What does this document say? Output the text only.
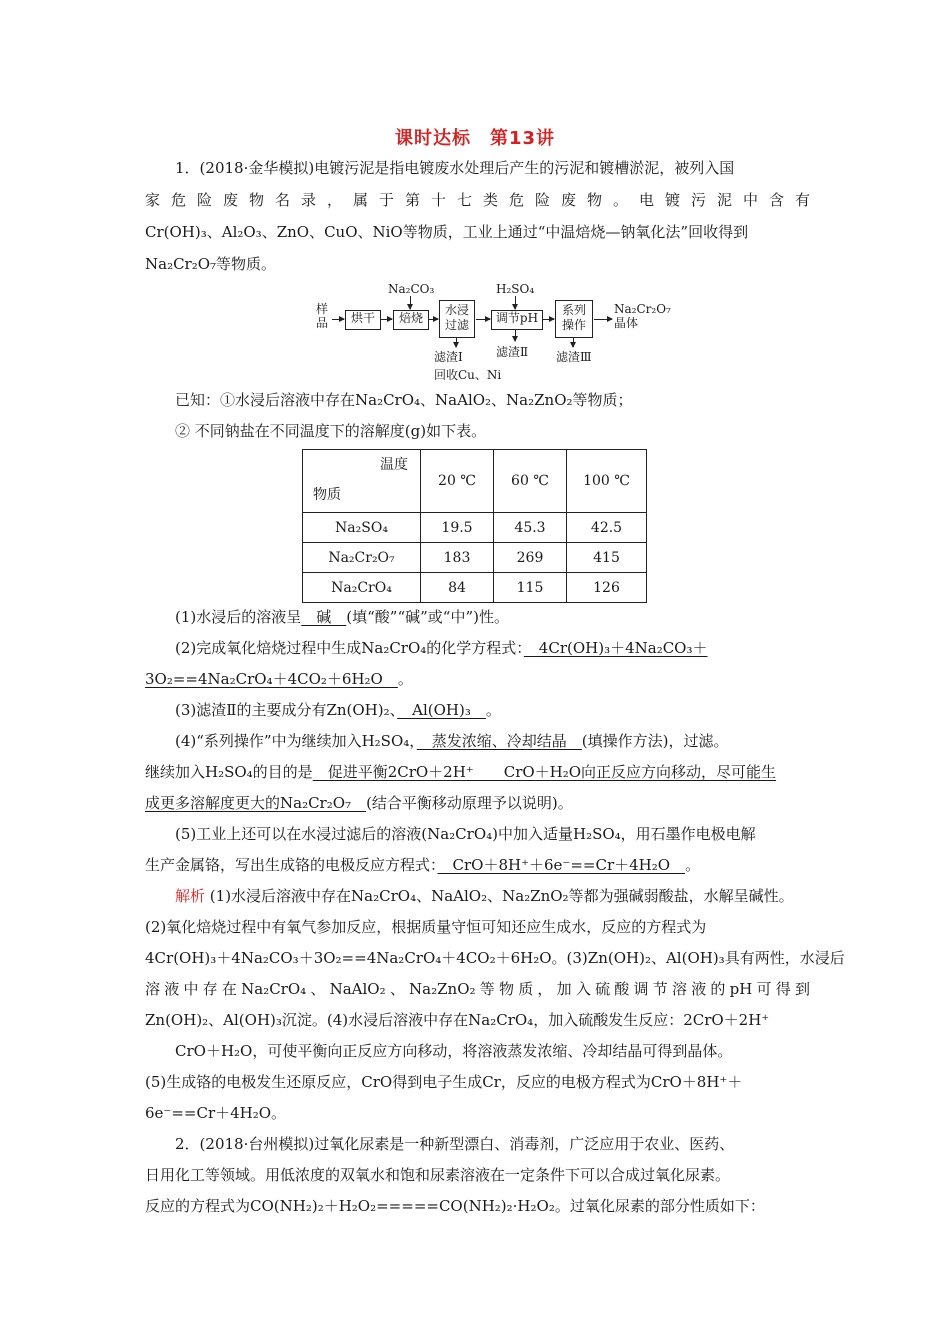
课时达标　第13讲
1．(2018·金华模拟)电镀污泥是指电镀废水处理后产生的污泥和镀槽淤泥，被列入国
家危险废物名录，属于第十七类危险废物。电镀污泥中含有
Cr(OH)₃、Al₂O₃、ZnO、CuO、NiO等物质，工业上通过“中温焙烧—钠氧化法”回收得到
Na₂Cr₂O₇等物质。
样品	烘干	焙烧
Na₂CO₃
水浸过滤
滤渣Ⅰ
回收Cu、Ni
H₂SO₄
调节pH
滤渣Ⅱ
系列操作
滤渣Ⅲ
Na₂Cr₂O₇晶体
已知：①水浸后溶液中存在Na₂CrO₄、NaAlO₂、Na₂ZnO₂等物质；
② 不同钠盐在不同温度下的溶解度(g)如下表。
温度
物质	20 ℃	60 ℃	100 ℃
Na₂SO₄	19.5	45.3	42.5
Na₂Cr₂O₇	183	269	415
Na₂CrO₄	84	115	126
(1)水浸后的溶液呈　碱　(填“酸”“碱”或“中”)性。
(2)完成氧化焙烧过程中生成Na₂CrO₄的化学方程式：　4Cr(OH)₃＋4Na₂CO₃＋
3O₂==4Na₂CrO₄＋4CO₂＋6H₂O　。
(3)滤渣Ⅱ的主要成分有Zn(OH)₂、　Al(OH)₃　。
(4)“系列操作”中为继续加入H₂SO₄，　蒸发浓缩、冷却结晶　(填操作方法)，过滤。
继续加入H₂SO₄的目的是　促进平衡2CrO＋2H⁺　　CrO＋H₂O向正反应方向移动，尽可能生
成更多溶解度更大的Na₂Cr₂O₇　(结合平衡移动原理予以说明)。
(5)工业上还可以在水浸过滤后的溶液(Na₂CrO₄)中加入适量H₂SO₄，用石墨作电极电解
生产金属铬，写出生成铬的电极反应方程式：　CrO＋8H⁺＋6e⁻==Cr＋4H₂O　。
解析 (1)水浸后溶液中存在Na₂CrO₄、NaAlO₂、Na₂ZnO₂等都为强碱弱酸盐，水解呈碱性。
(2)氧化焙烧过程中有氧气参加反应，根据质量守恒可知还应生成水，反应的方程式为
4Cr(OH)₃＋4Na₂CO₃＋3O₂==4Na₂CrO₄＋4CO₂＋6H₂O。(3)Zn(OH)₂、Al(OH)₃具有两性，水浸后
溶液中存在Na₂CrO₄、NaAlO₂、Na₂ZnO₂等物质，加入硫酸调节溶液的pH可得到
Zn(OH)₂、Al(OH)₃沉淀。(4)水浸后溶液中存在Na₂CrO₄，加入硫酸发生反应：2CrO＋2H⁺
CrO＋H₂O，可使平衡向正反应方向移动，将溶液蒸发浓缩、冷却结晶可得到晶体。
(5)生成铬的电极发生还原反应，CrO得到电子生成Cr，反应的电极方程式为CrO＋8H⁺＋
6e⁻==Cr＋4H₂O。
2．(2018·台州模拟)过氧化尿素是一种新型漂白、消毒剂，广泛应用于农业、医药、
日用化工等领域。用低浓度的双氧水和饱和尿素溶液在一定条件下可以合成过氧化尿素。
反应的方程式为CO(NH₂)₂＋H₂O₂=====CO(NH₂)₂·H₂O₂。过氧化尿素的部分性质如下：
